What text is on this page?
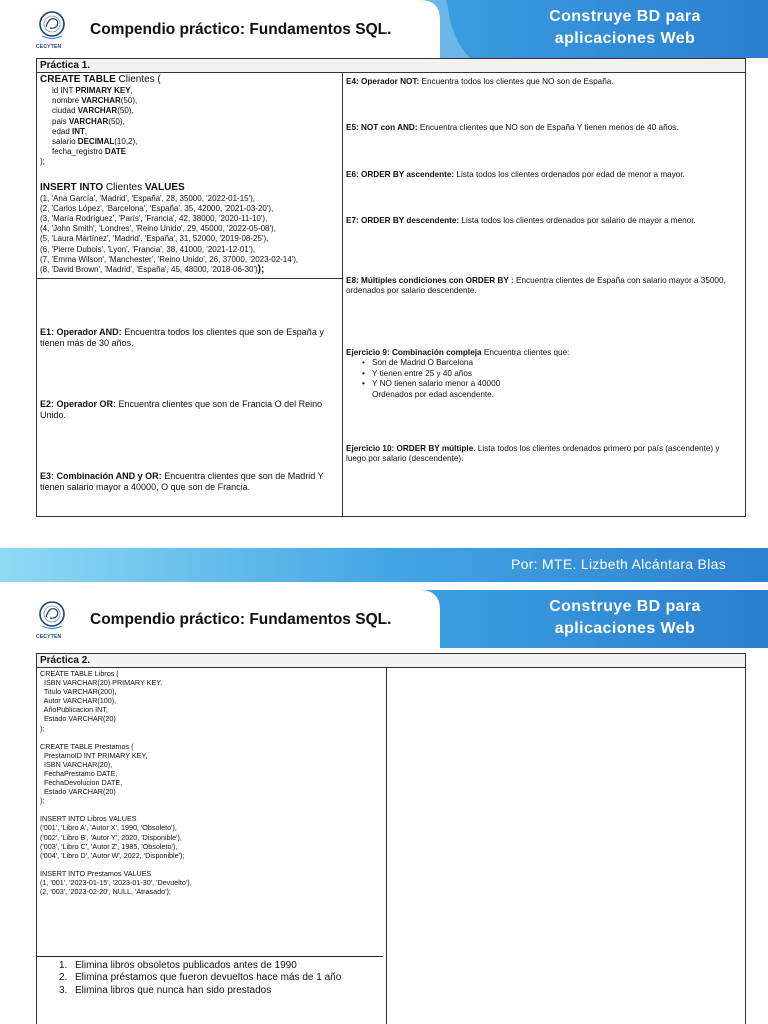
CECYTEN
Compendio práctico: Fundamentos SQL.
Construye BD para
aplicaciones Web
Práctica 1.
CREATE TABLE Clientes (
id INT PRIMARY KEY,
nombre VARCHAR(50),
ciudad VARCHAR(50),
pais VARCHAR(50),
edad INT,
salario DECIMAL(10,2),
fecha_registro DATE
);
INSERT INTO Clientes VALUES
(1, 'Ana García', 'Madrid', 'España', 28, 35000, '2022-01-15'),
(2, 'Carlos López', 'Barcelona', 'España', 35, 42000, '2021-03-20'),
(3, 'María Rodríguez', 'París', 'Francia', 42, 38000, '2020-11-10'),
(4, 'John Smith', 'Londres', 'Reino Unido', 29, 45000, '2022-05-08'),
(5, 'Laura Martínez', 'Madrid', 'España', 31, 52000, '2019-08-25'),
(6, 'Pierre Dubois', 'Lyon', 'Francia', 38, 41000, '2021-12-01'),
(7, 'Emma Wilson', 'Manchester', 'Reino Unido', 26, 37000, '2023-02-14'),
(8, 'David Brown', 'Madrid', 'España', 45, 48000, '2018-06-30'));
E1: Operador AND: Encuentra todos los clientes que son de España y tienen más de 30 años.
E2: Operador OR: Encuentra clientes que son de Francia O del Reino Unido.
E3: Combinación AND y OR: Encuentra clientes que son de Madrid Y tienen salario mayor a 40000, O que son de Francia.
E4: Operador NOT: Encuentra todos los clientes que NO son de España.
E5: NOT con AND: Encuentra clientes que NO son de España Y tienen menos de 40 años.
E6: ORDER BY ascendente: Lista todos los clientes ordenados por edad de menor a mayor.
E7: ORDER BY descendente: Lista todos los clientes ordenados por salario de mayor a menor.
E8: Múltiples condiciones con ORDER BY : Encuentra clientes de España con salario mayor a 35000, ordenados por salario descendente.
Ejercicio 9: Combinación compleja Encuentra clientes que:
• Son de Madrid O Barcelona
• Y tienen entre 25 y 40 años
• Y NO tienen salario menor a 40000
Ordenados por edad ascendente.
Ejercicio 10: ORDER BY múltiple. Lista todos los clientes ordenados primero por país (ascendente) y luego por salario (descendente).
Por: MTE. Lizbeth Alcántara Blas
CECYTEN
Compendio práctico: Fundamentos SQL.
Construye BD para
aplicaciones Web
Práctica 2.
CREATE TABLE Libros (
ISBN VARCHAR(20) PRIMARY KEY,
Titulo VARCHAR(200),
Autor VARCHAR(100),
AñoPublicacion INT,
Estado VARCHAR(20)
);
CREATE TABLE Prestamos (
PrestamoID INT PRIMARY KEY,
ISBN VARCHAR(20),
FechaPrestamo DATE,
FechaDevolucion DATE,
Estado VARCHAR(20)
);
INSERT INTO Libros VALUES
('001', 'Libro A', 'Autor X', 1990, 'Obsoleto'),
('002', 'Libro B', 'Autor Y', 2020, 'Disponible'),
('003', 'Libro C', 'Autor Z', 1985, 'Obsoleto'),
('004', 'Libro D', 'Autor W', 2022, 'Disponible');
INSERT INTO Prestamos VALUES
(1, '001', '2023-01-15', '2023-01-30', 'Devuelto'),
(2, '003', '2023-02-20', NULL, 'Atrasado');
1. Elimina libros obsoletos publicados antes de 1990
2. Elimina préstamos que fueron devueltos hace más de 1 año
3. Elimina libros que nunca han sido prestados
